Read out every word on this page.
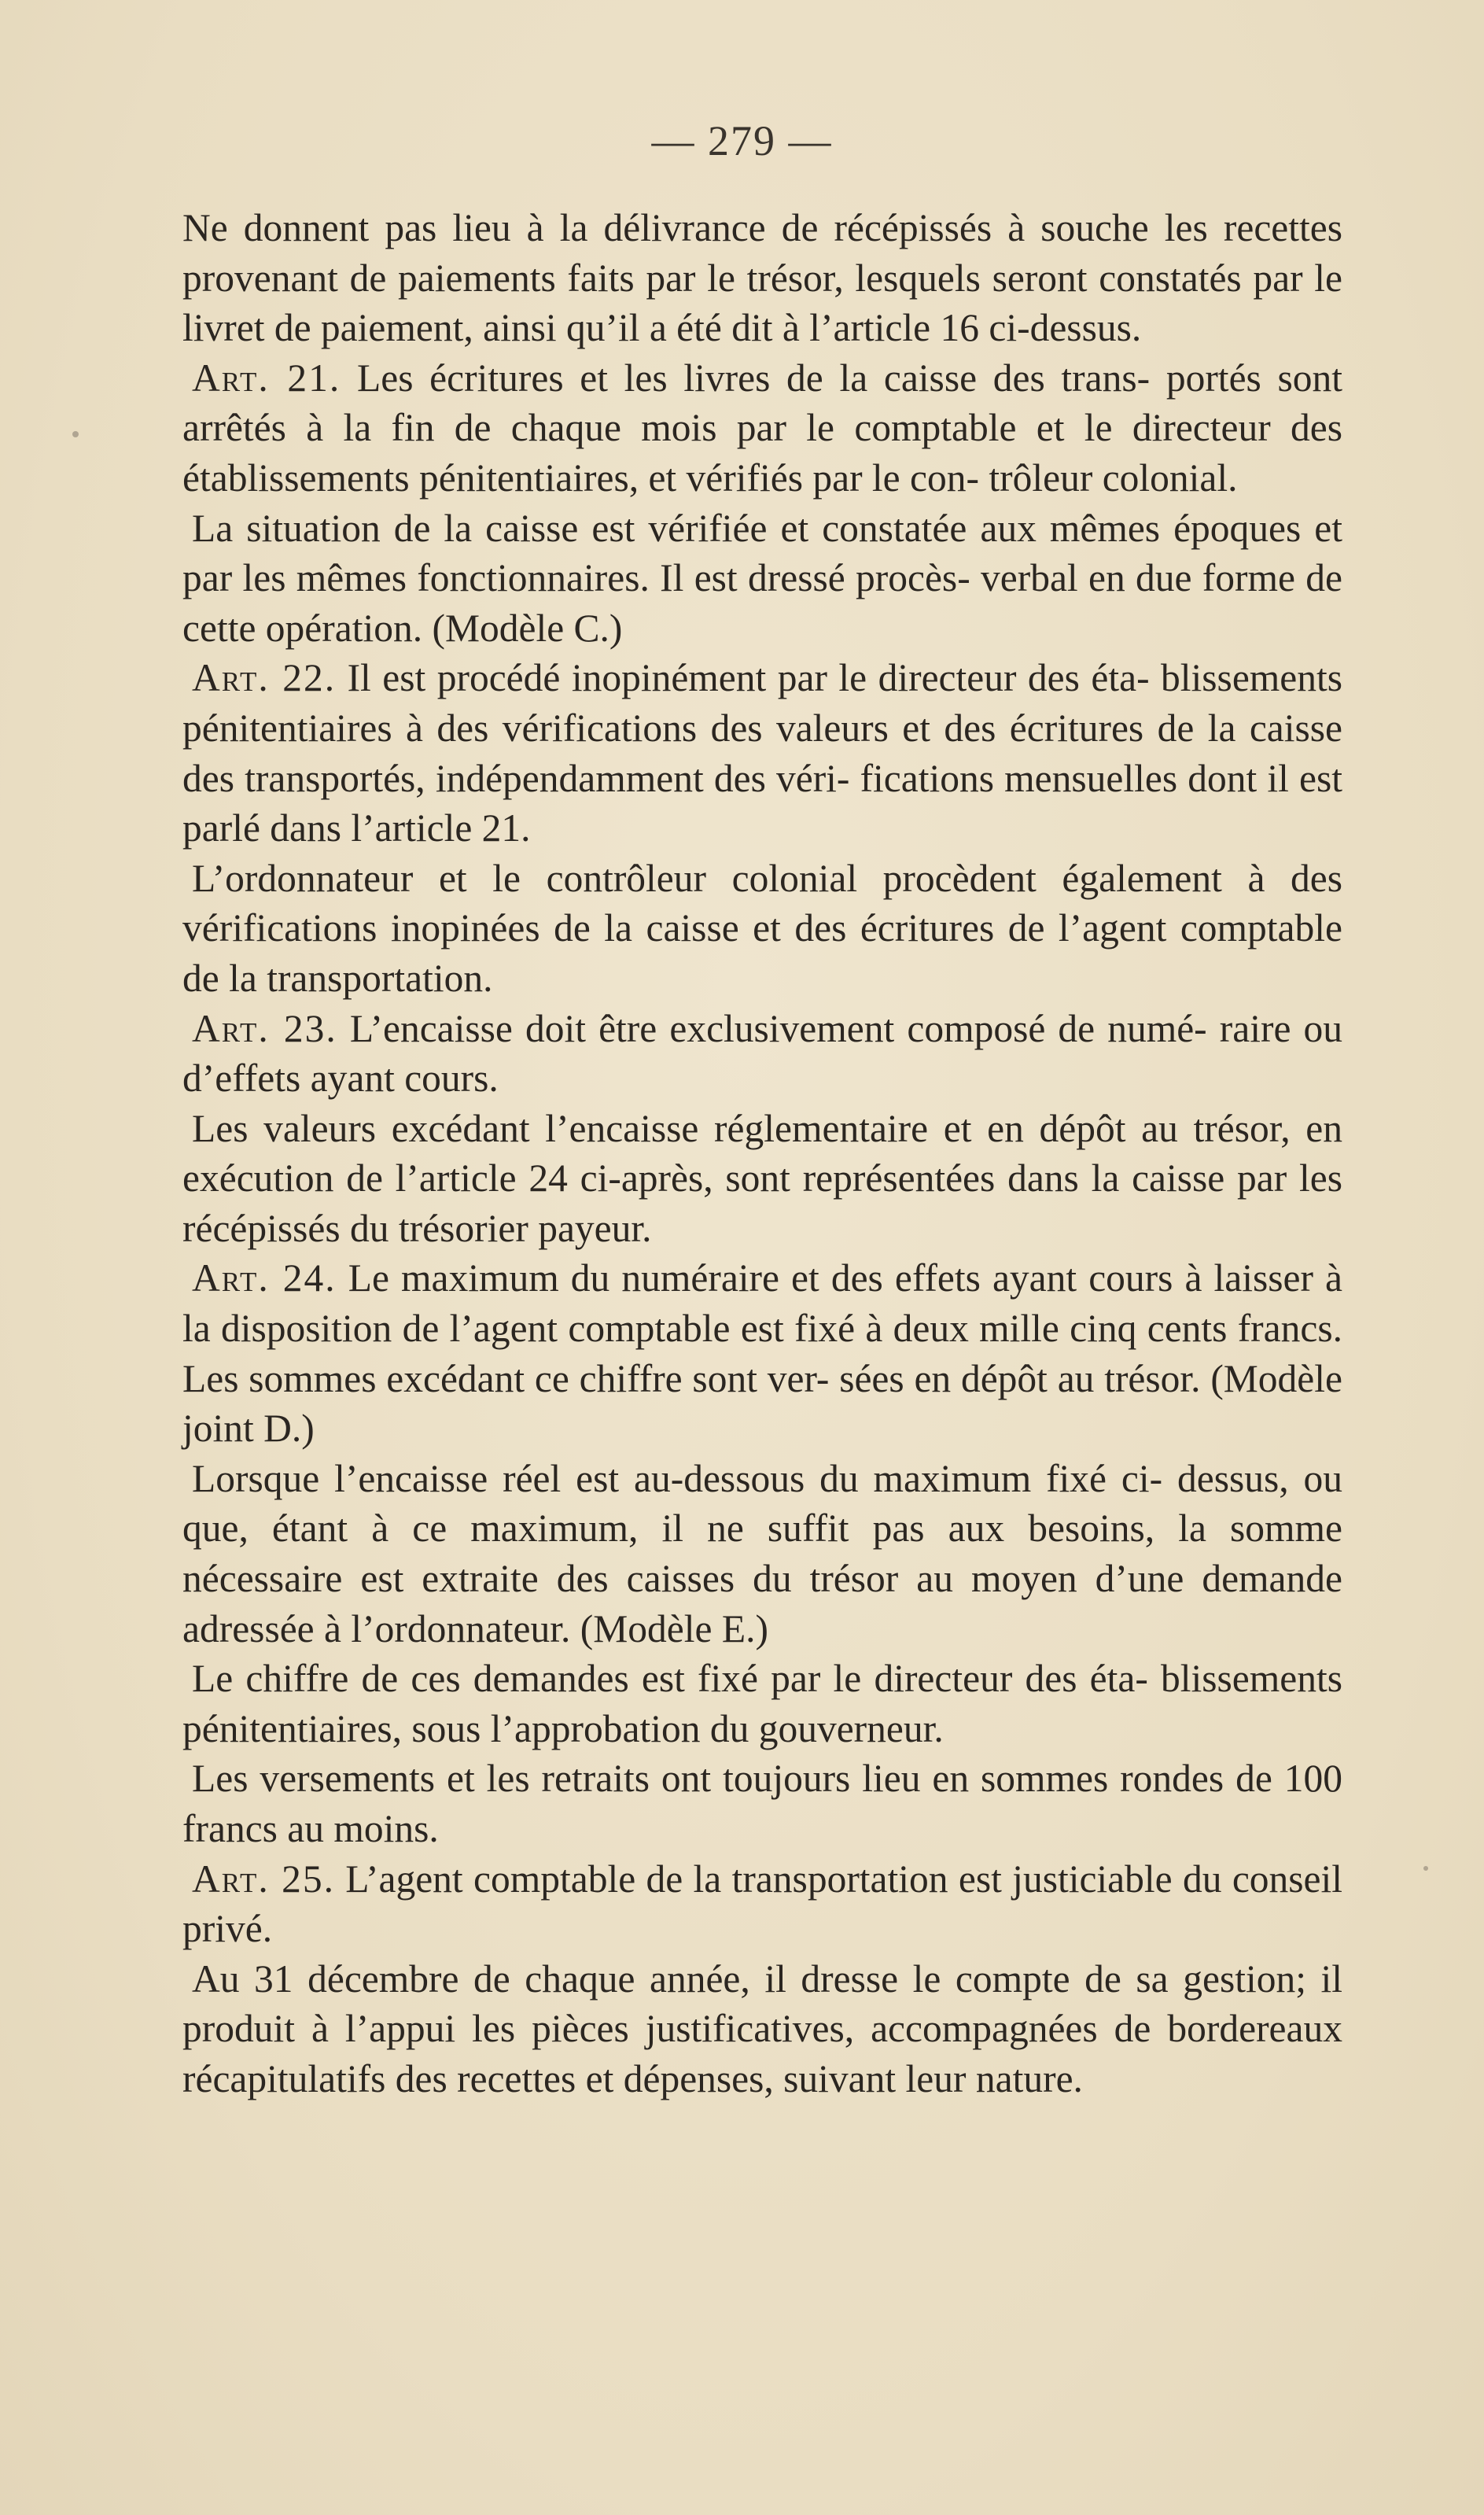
— 279 —

Ne donnent pas lieu à la délivrance de récépissés à souche les recettes provenant de paiements faits par le trésor, lesquels seront constatés par le livret de paiement, ainsi qu’il a été dit à l’article 16 ci-dessus.

Art. 21. Les écritures et les livres de la caisse des trans- portés sont arrêtés à la fin de chaque mois par le comptable et le directeur des établissements pénitentiaires, et vérifiés par le con- trôleur colonial.

La situation de la caisse est vérifiée et constatée aux mêmes époques et par les mêmes fonctionnaires. Il est dressé procès- verbal en due forme de cette opération. (Modèle C.)

Art. 22. Il est procédé inopinément par le directeur des éta- blissements pénitentiaires à des vérifications des valeurs et des écritures de la caisse des transportés, indépendamment des véri- fications mensuelles dont il est parlé dans l’article 21.

L’ordonnateur et le contrôleur colonial procèdent également à des vérifications inopinées de la caisse et des écritures de l’agent comptable de la transportation.

Art. 23. L’encaisse doit être exclusivement composé de numé- raire ou d’effets ayant cours.

Les valeurs excédant l’encaisse réglementaire et en dépôt au trésor, en exécution de l’article 24 ci-après, sont représentées dans la caisse par les récépissés du trésorier payeur.

Art. 24. Le maximum du numéraire et des effets ayant cours à laisser à la disposition de l’agent comptable est fixé à deux mille cinq cents francs. Les sommes excédant ce chiffre sont ver- sées en dépôt au trésor. (Modèle joint D.)

Lorsque l’encaisse réel est au-dessous du maximum fixé ci- dessus, ou que, étant à ce maximum, il ne suffit pas aux besoins, la somme nécessaire est extraite des caisses du trésor au moyen d’une demande adressée à l’ordonnateur. (Modèle E.)

Le chiffre de ces demandes est fixé par le directeur des éta- blissements pénitentiaires, sous l’approbation du gouverneur.

Les versements et les retraits ont toujours lieu en sommes rondes de 100 francs au moins.

Art. 25. L’agent comptable de la transportation est justiciable du conseil privé.

Au 31 décembre de chaque année, il dresse le compte de sa gestion; il produit à l’appui les pièces justificatives, accompagnées de bordereaux récapitulatifs des recettes et dépenses, suivant leur nature.
